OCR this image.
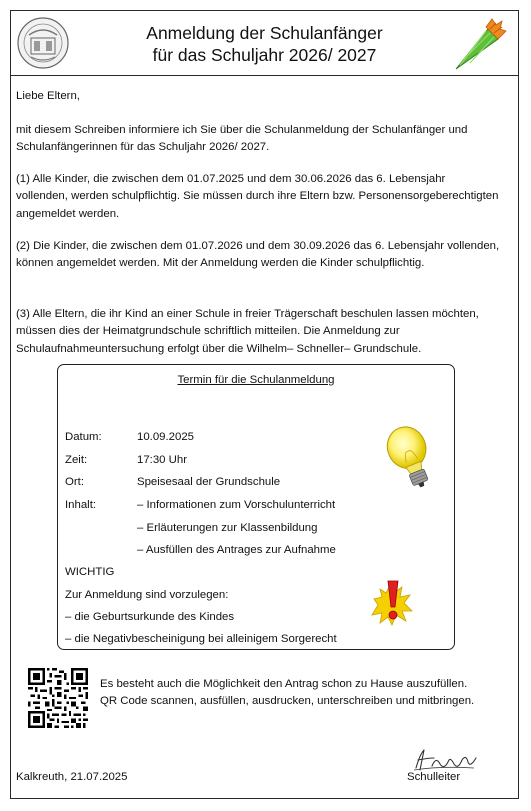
Anmeldung der Schulanfänger
für das Schuljahr 2026/ 2027
Liebe Eltern,
mit diesem Schreiben informiere ich Sie über die Schulanmeldung der Schulanfänger und Schulanfängerinnen für das Schuljahr 2026/ 2027.
(1) Alle Kinder, die zwischen dem 01.07.2025 und dem 30.06.2026 das 6. Lebensjahr vollenden, werden schulpflichtig. Sie müssen durch ihre Eltern bzw. Personensorgeberechtigten angemeldet werden.
(2) Die Kinder, die zwischen dem 01.07.2026 und dem 30.09.2026 das 6. Lebensjahr vollenden, können angemeldet werden. Mit der Anmeldung werden die Kinder schulpflichtig.
(3) Alle Eltern, die ihr Kind an einer Schule in freier Trägerschaft beschulen lassen möchten, müssen dies der Heimatgrundschule schriftlich mitteilen. Die Anmeldung zur Schulaufnahmeuntersuchung erfolgt über die Wilhelm– Schneller– Grundschule.
Termin für die Schulanmeldung
Datum:	10.09.2025
Zeit:	17:30 Uhr
Ort:	Speisesaal der Grundschule
Inhalt:	– Informationen zum Vorschulunterricht
– Erläuterungen zur Klassenbildung
– Ausfüllen des Antrages zur Aufnahme
WICHTIG
Zur Anmeldung sind vorzulegen:
– die Geburtsurkunde des Kindes
– die Negativbescheinigung bei alleinigem Sorgerecht
Es besteht auch die Möglichkeit den Antrag schon zu Hause auszufüllen.
QR Code scannen, ausfüllen, ausdrucken, unterschreiben und mitbringen.
Kalkreuth, 21.07.2025	Schulleiter
